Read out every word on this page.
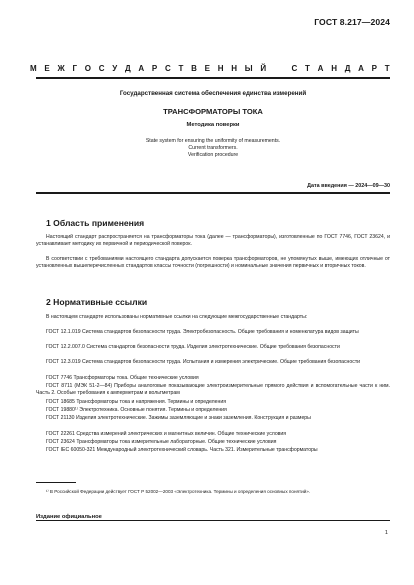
ГОСТ 8.217—2024
М Е Ж Г О С У Д А Р С Т В Е Н Н Ы Й	С Т А Н Д А Р Т
Государственная система обеспечения единства измерений
ТРАНСФОРМАТОРЫ ТОКА
Методика поверки
State system for ensuring the uniformity of measurements.
Current transformers.
Verification procedure
Дата введения — 2024—09—30
1 Область применения

Настоящий стандарт распространяется на трансформаторы тока (далее — трансформаторы), изготовленные по ГОСТ 7746, ГОСТ 23624, и устанавливает методику их первичной и периодической поверок.

В соответствии с требованиями настоящего стандарта допускается поверка трансформаторов, не упомянутых выше, имеющих отличные от установленных вышеперечисленных стандартов классы точности (погрешности) и номинальные значения первичных и вторичных токов.

2 Нормативные ссылки

В настоящем стандарте использованы нормативные ссылки на следующие межгосударственные стандарты:

ГОСТ 12.1.019 Система стандартов безопасности труда. Электробезопасность. Общие требования и номенклатура видов защиты

ГОСТ 12.2.007.0 Система стандартов безопасности труда. Изделия электротехнические. Общие требования безопасности

ГОСТ 12.3.019 Система стандартов безопасности труда. Испытания и измерения электрические. Общие требования безопасности

ГОСТ 7746 Трансформаторы тока. Общие технические условия

ГОСТ 8711 (МЭК 51-2—84) Приборы аналоговые показывающие электроизмерительные прямого действия и вспомогательные части к ним. Часть 2. Особые требования к амперметрам и вольтметрам

ГОСТ 18685 Трансформаторы тока и напряжения. Термины и определения

ГОСТ 19880¹⁾ Электротехника. Основные понятия. Термины и определения

ГОСТ 21130 Изделия электротехнические. Зажимы заземляющие и знаки заземления. Конструкция и размеры

ГОСТ 22261 Средства измерений электрических и магнитных величин. Общие технические условия

ГОСТ 23624 Трансформаторы тока измерительные лабораторные. Общие технические условия

ГОСТ IEC 60050-321 Международный электротехнический словарь. Часть 321. Измерительные трансформаторы

¹⁾ В Российской Федерации действует ГОСТ Р 52002—2003 «Электротехника. Термины и определения основных понятий».

Издание официальное
1
